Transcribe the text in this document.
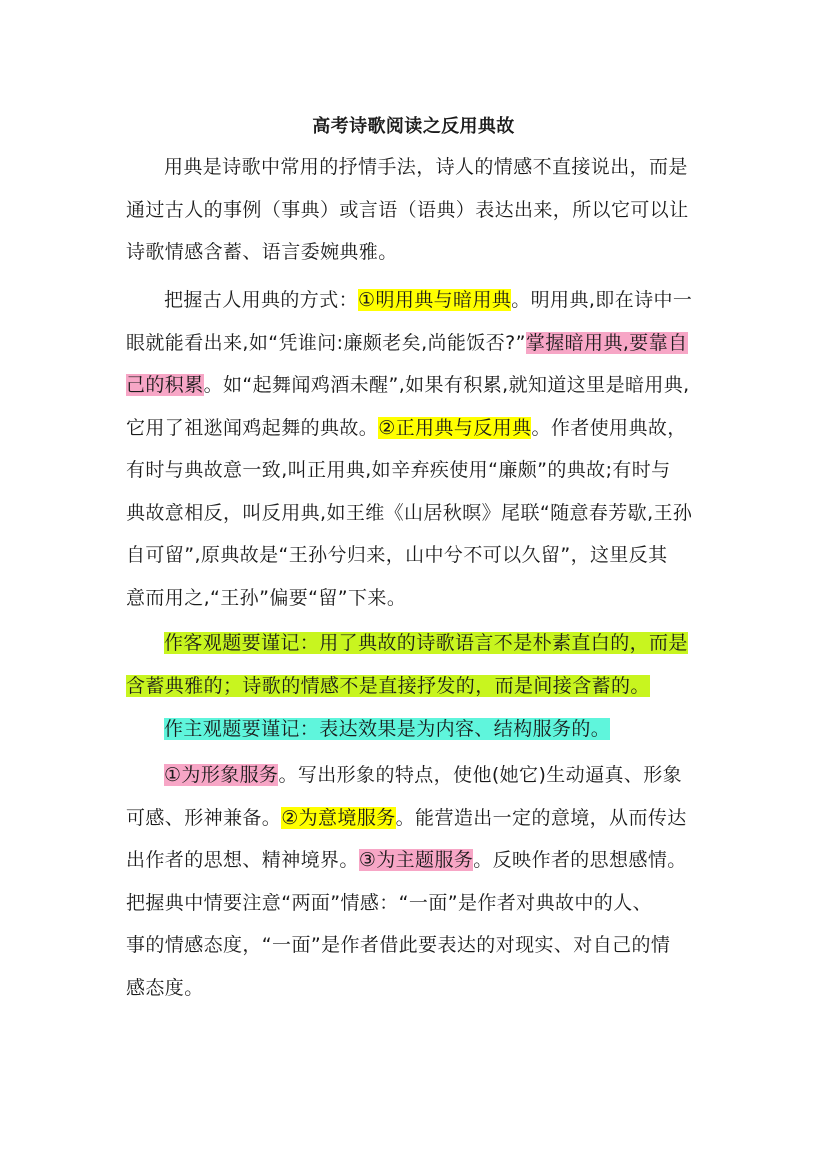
高考诗歌阅读之反用典故
用典是诗歌中常用的抒情手法，诗人的情感不直接说出，而是
通过古人的事例（事典）或言语（语典）表达出来，所以它可以让
诗歌情感含蓄、语言委婉典雅。
把握古人用典的方式：①明用典与暗用典。明用典,即在诗中一
眼就能看出来,如“凭谁问:廉颇老矣,尚能饭否?”掌握暗用典,要靠自
己的积累。如“起舞闻鸡酒未醒”,如果有积累,就知道这里是暗用典,
它用了祖逖闻鸡起舞的典故。②正用典与反用典。作者使用典故，
有时与典故意一致,叫正用典,如辛弃疾使用“廉颇”的典故;有时与
典故意相反，叫反用典,如王维《山居秋暝》尾联“随意春芳歇,王孙
自可留”,原典故是“王孙兮归来，山中兮不可以久留”，这里反其
意而用之,“王孙”偏要“留”下来。
作客观题要谨记：用了典故的诗歌语言不是朴素直白的，而是
含蓄典雅的；诗歌的情感不是直接抒发的，而是间接含蓄的。
作主观题要谨记：表达效果是为内容、结构服务的。
①为形象服务。写出形象的特点，使他(她它)生动逼真、形象
可感、形神兼备。②为意境服务。能营造出一定的意境，从而传达
出作者的思想、精神境界。③为主题服务。反映作者的思想感情。
把握典中情要注意“两面”情感：“一面”是作者对典故中的人、
事的情感态度，“一面”是作者借此要表达的对现实、对自己的情
感态度。
